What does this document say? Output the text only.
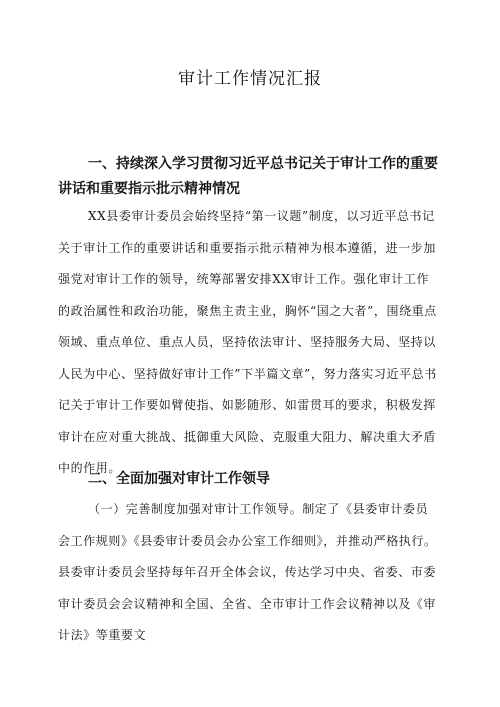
审计工作情况汇报

一、持续深入学习贯彻习近平总书记关于审计工作的重要讲话和重要指示批示精神情况

XX县委审计委员会始终坚持“第一议题”制度，以习近平总书记关于审计工作的重要讲话和重要指示批示精神为根本遵循，进一步加强党对审计工作的领导，统筹部署安排XX审计工作。强化审计工作的政治属性和政治功能，聚焦主责主业，胸怀“国之大者”，围绕重点领域、重点单位、重点人员，坚持依法审计、坚持服务大局、坚持以人民为中心、坚持做好审计工作”下半篇文章”，努力落实习近平总书记关于审计工作要如臂使指、如影随形、如雷贯耳的要求，积极发挥审计在应对重大挑战、抵御重大风险、克服重大阻力、解决重大矛盾中的作用。

二、全面加强对审计工作领导

（一）完善制度加强对审计工作领导。制定了《县委审计委员会工作规则》《县委审计委员会办公室工作细则》，并推动严格执行。县委审计委员会坚持每年召开全体会议，传达学习中央、省委、市委审计委员会会议精神和全国、全省、全市审计工作会议精神以及《审计法》等重要文
